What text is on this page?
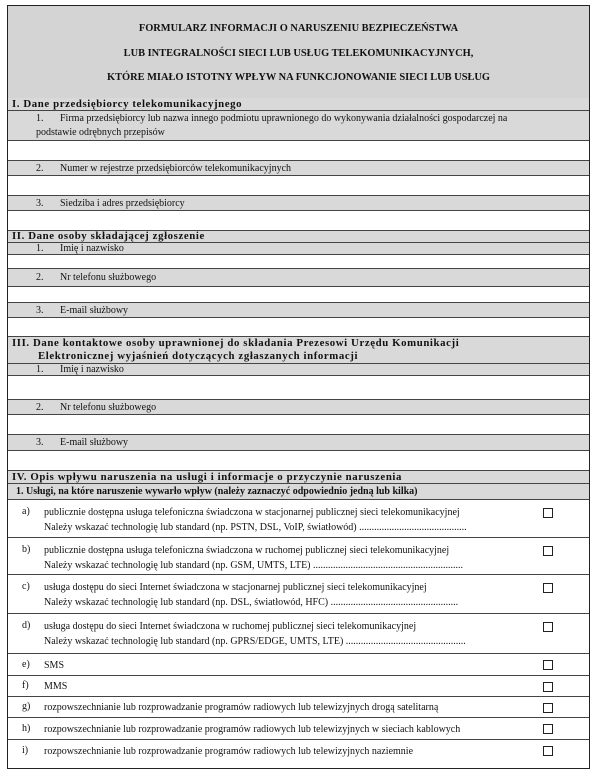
FORMULARZ INFORMACJI O NARUSZENIU BEZPIECZEŃSTWA
LUB INTEGRALNOŚCI SIECI LUB USŁUG TELEKOMUNIKACYJNYCH,
KTÓRE MIAŁO ISTOTNY WPŁYW NA FUNKCJONOWANIE SIECI LUB USŁUG
I. Dane przedsiębiorcy telekomunikacyjnego
1. Firma przedsiębiorcy lub nazwa innego podmiotu uprawnionego do wykonywania działalności gospodarczej na
podstawie odrębnych przepisów
2. Numer w rejestrze przedsiębiorców telekomunikacyjnych
3. Siedziba i adres przedsiębiorcy
II. Dane osoby składającej zgłoszenie
1. Imię i nazwisko
2. Nr telefonu służbowego
3. E-mail służbowy
III. Dane kontaktowe osoby uprawnionej do składania Prezesowi Urzędu Komunikacji
Elektronicznej wyjaśnień dotyczących zgłaszanych informacji
1. Imię i nazwisko
2. Nr telefonu służbowego
3. E-mail służbowy
IV. Opis wpływu naruszenia na usługi i informacje o przyczynie naruszenia
1. Usługi, na które naruszenie wywarło wpływ (należy zaznaczyć odpowiednio jedną lub kilka)
a) publicznie dostępna usługa telefoniczna świadczona w stacjonarnej publicznej sieci telekomunikacyjnej
Należy wskazać technologię lub standard (np. PSTN, DSL, VoIP, światłowód) ...........................................
b) publicznie dostępna usługa telefoniczna świadczona w ruchomej publicznej sieci telekomunikacyjnej
Należy wskazać technologię lub standard (np. GSM, UMTS, LTE) ............................................................
c) usługa dostępu do sieci Internet świadczona w stacjonarnej publicznej sieci telekomunikacyjnej
Należy wskazać technologię lub standard (np. DSL, światłowód, HFC) ...................................................
d) usługa dostępu do sieci Internet świadczona w ruchomej publicznej sieci telekomunikacyjnej
Należy wskazać technologię lub standard (np. GPRS/EDGE, UMTS, LTE) ................................................
e) SMS
f) MMS
g) rozpowszechnianie lub rozprowadzanie programów radiowych lub telewizyjnych drogą satelitarną
h) rozpowszechnianie lub rozprowadzanie programów radiowych lub telewizyjnych w sieciach kablowych
i) rozpowszechnianie lub rozprowadzanie programów radiowych lub telewizyjnych naziemnie
